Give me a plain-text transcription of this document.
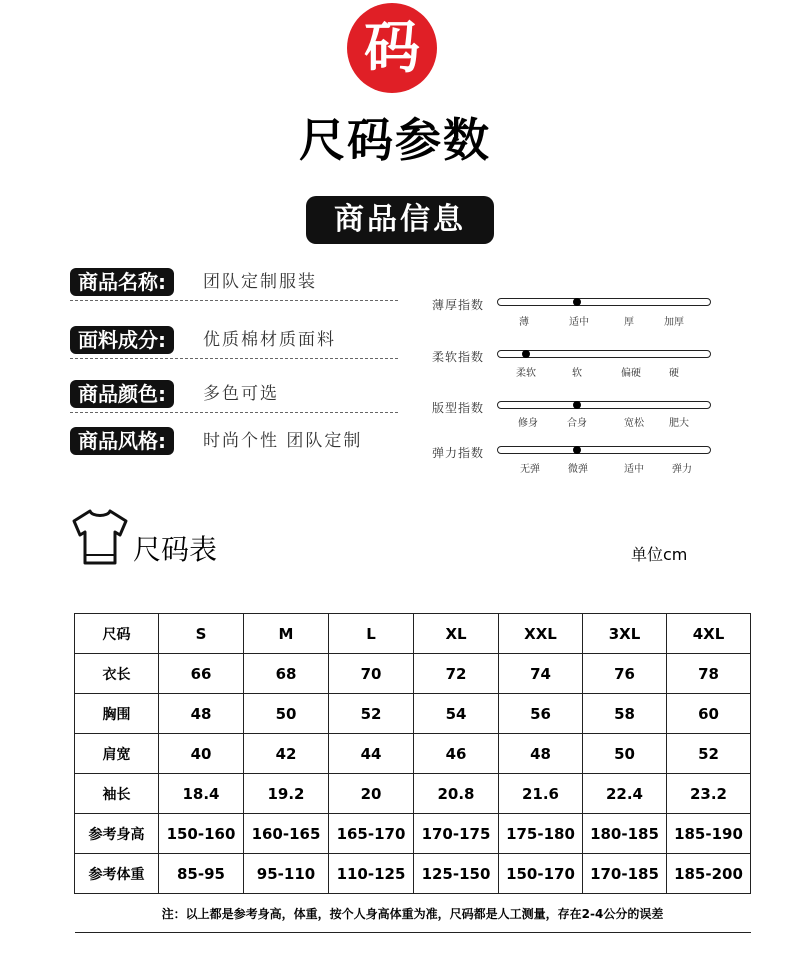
码
尺码参数
商品信息
商品名称:	团队定制服装
面料成分:	优质棉材质面料
商品颜色:	多色可选
商品风格:	时尚个性 团队定制
薄厚指数
薄	适中	厚	加厚
柔软指数
柔软	软	偏硬	硬
版型指数
修身	合身	宽松	肥大
弹力指数
无弹	微弹	适中	弹力
尺码表	单位cm
尺码	S	M	L	XL	XXL	3XL	4XL
衣长	66	68	70	72	74	76	78
胸围	48	50	52	54	56	58	60
肩宽	40	42	44	46	48	50	52
袖长	18.4	19.2	20	20.8	21.6	22.4	23.2
参考身高	150-160	160-165	165-170	170-175	175-180	180-185	185-190
参考体重	85-95	95-110	110-125	125-150	150-170	170-185	185-200
注：以上都是参考身高，体重，按个人身高体重为准，尺码都是人工测量，存在2-4公分的误差							
